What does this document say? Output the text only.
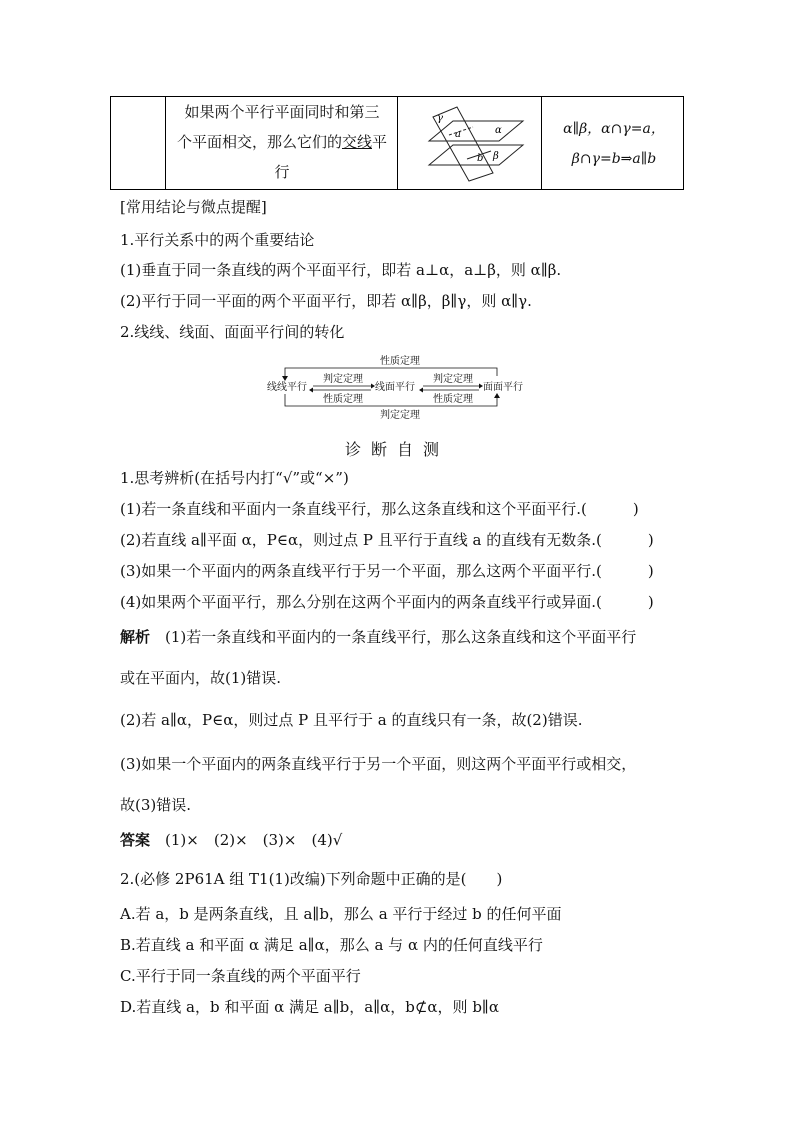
如果两个平行平面同时和第三
个平面相交，那么它们的交线平
行
γ
a	α
b β
α∥β，α∩γ=a，
β∩γ=b⇒a∥b
[常用结论与微点提醒]
1.平行关系中的两个重要结论
(1)垂直于同一条直线的两个平面平行，即若 a⊥α，a⊥β，则 α∥β.
(2)平行于同一平面的两个平面平行，即若 α∥β，β∥γ，则 α∥γ.
2.线线、线面、面面平行间的转化
性质定理
线线平行	线面平行	面面平行
判定定理
性质定理
判定定理
性质定理
判定定理
诊断自测
1.思考辨析(在括号内打“√”或“×”)
(1)若一条直线和平面内一条直线平行，那么这条直线和这个平面平行.(	)
(2)若直线 a∥平面 α，P∈α，则过点 P 且平行于直线 a 的直线有无数条.(	)
(3)如果一个平面内的两条直线平行于另一个平面，那么这两个平面平行.(	)
(4)如果两个平面平行，那么分别在这两个平面内的两条直线平行或异面.(	)
解析　 (1)若一条直线和平面内的一条直线平行，那么这条直线和这个平面平行
或在平面内，故(1)错误.
(2)若 a∥α，P∈α，则过点 P 且平行于 a 的直线只有一条，故(2)错误.
(3)如果一个平面内的两条直线平行于另一个平面，则这两个平面平行或相交，
故(3)错误.
答案　 (1)×　(2)×　(3)×　(4)√
2.(必修 2P61A 组 T1(1)改编)下列命题中正确的是(　　)
A.若 a，b 是两条直线，且 a∥b，那么 a 平行于经过 b 的任何平面
B.若直线 a 和平面 α 满足 a∥α，那么 a 与 α 内的任何直线平行
C.平行于同一条直线的两个平面平行
D.若直线 a，b 和平面 α 满足 a∥b，a∥α，b⊄α，则 b∥α
